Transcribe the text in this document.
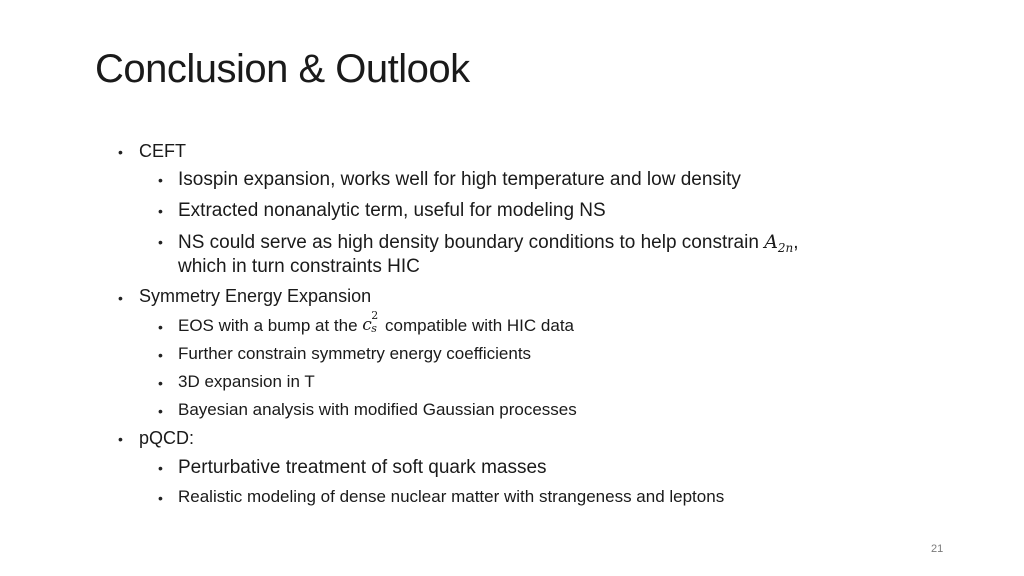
Conclusion & Outlook
• CEFT
• Isospin expansion, works well for high temperature and low density
• Extracted nonanalytic term, useful for modeling NS
• NS could serve as high density boundary conditions to help constrain $A_{2n}$,
which in turn constraints HIC
• Symmetry Energy Expansion
• EOS with a bump at the c 2
s compatible with HIC data
• Further constrain symmetry energy coefficients
• 3D expansion in T
• Bayesian analysis with modified Gaussian processes
• pQCD:
• Perturbative treatment of soft quark masses
• Realistic modeling of dense nuclear matter with strangeness and leptons
21
